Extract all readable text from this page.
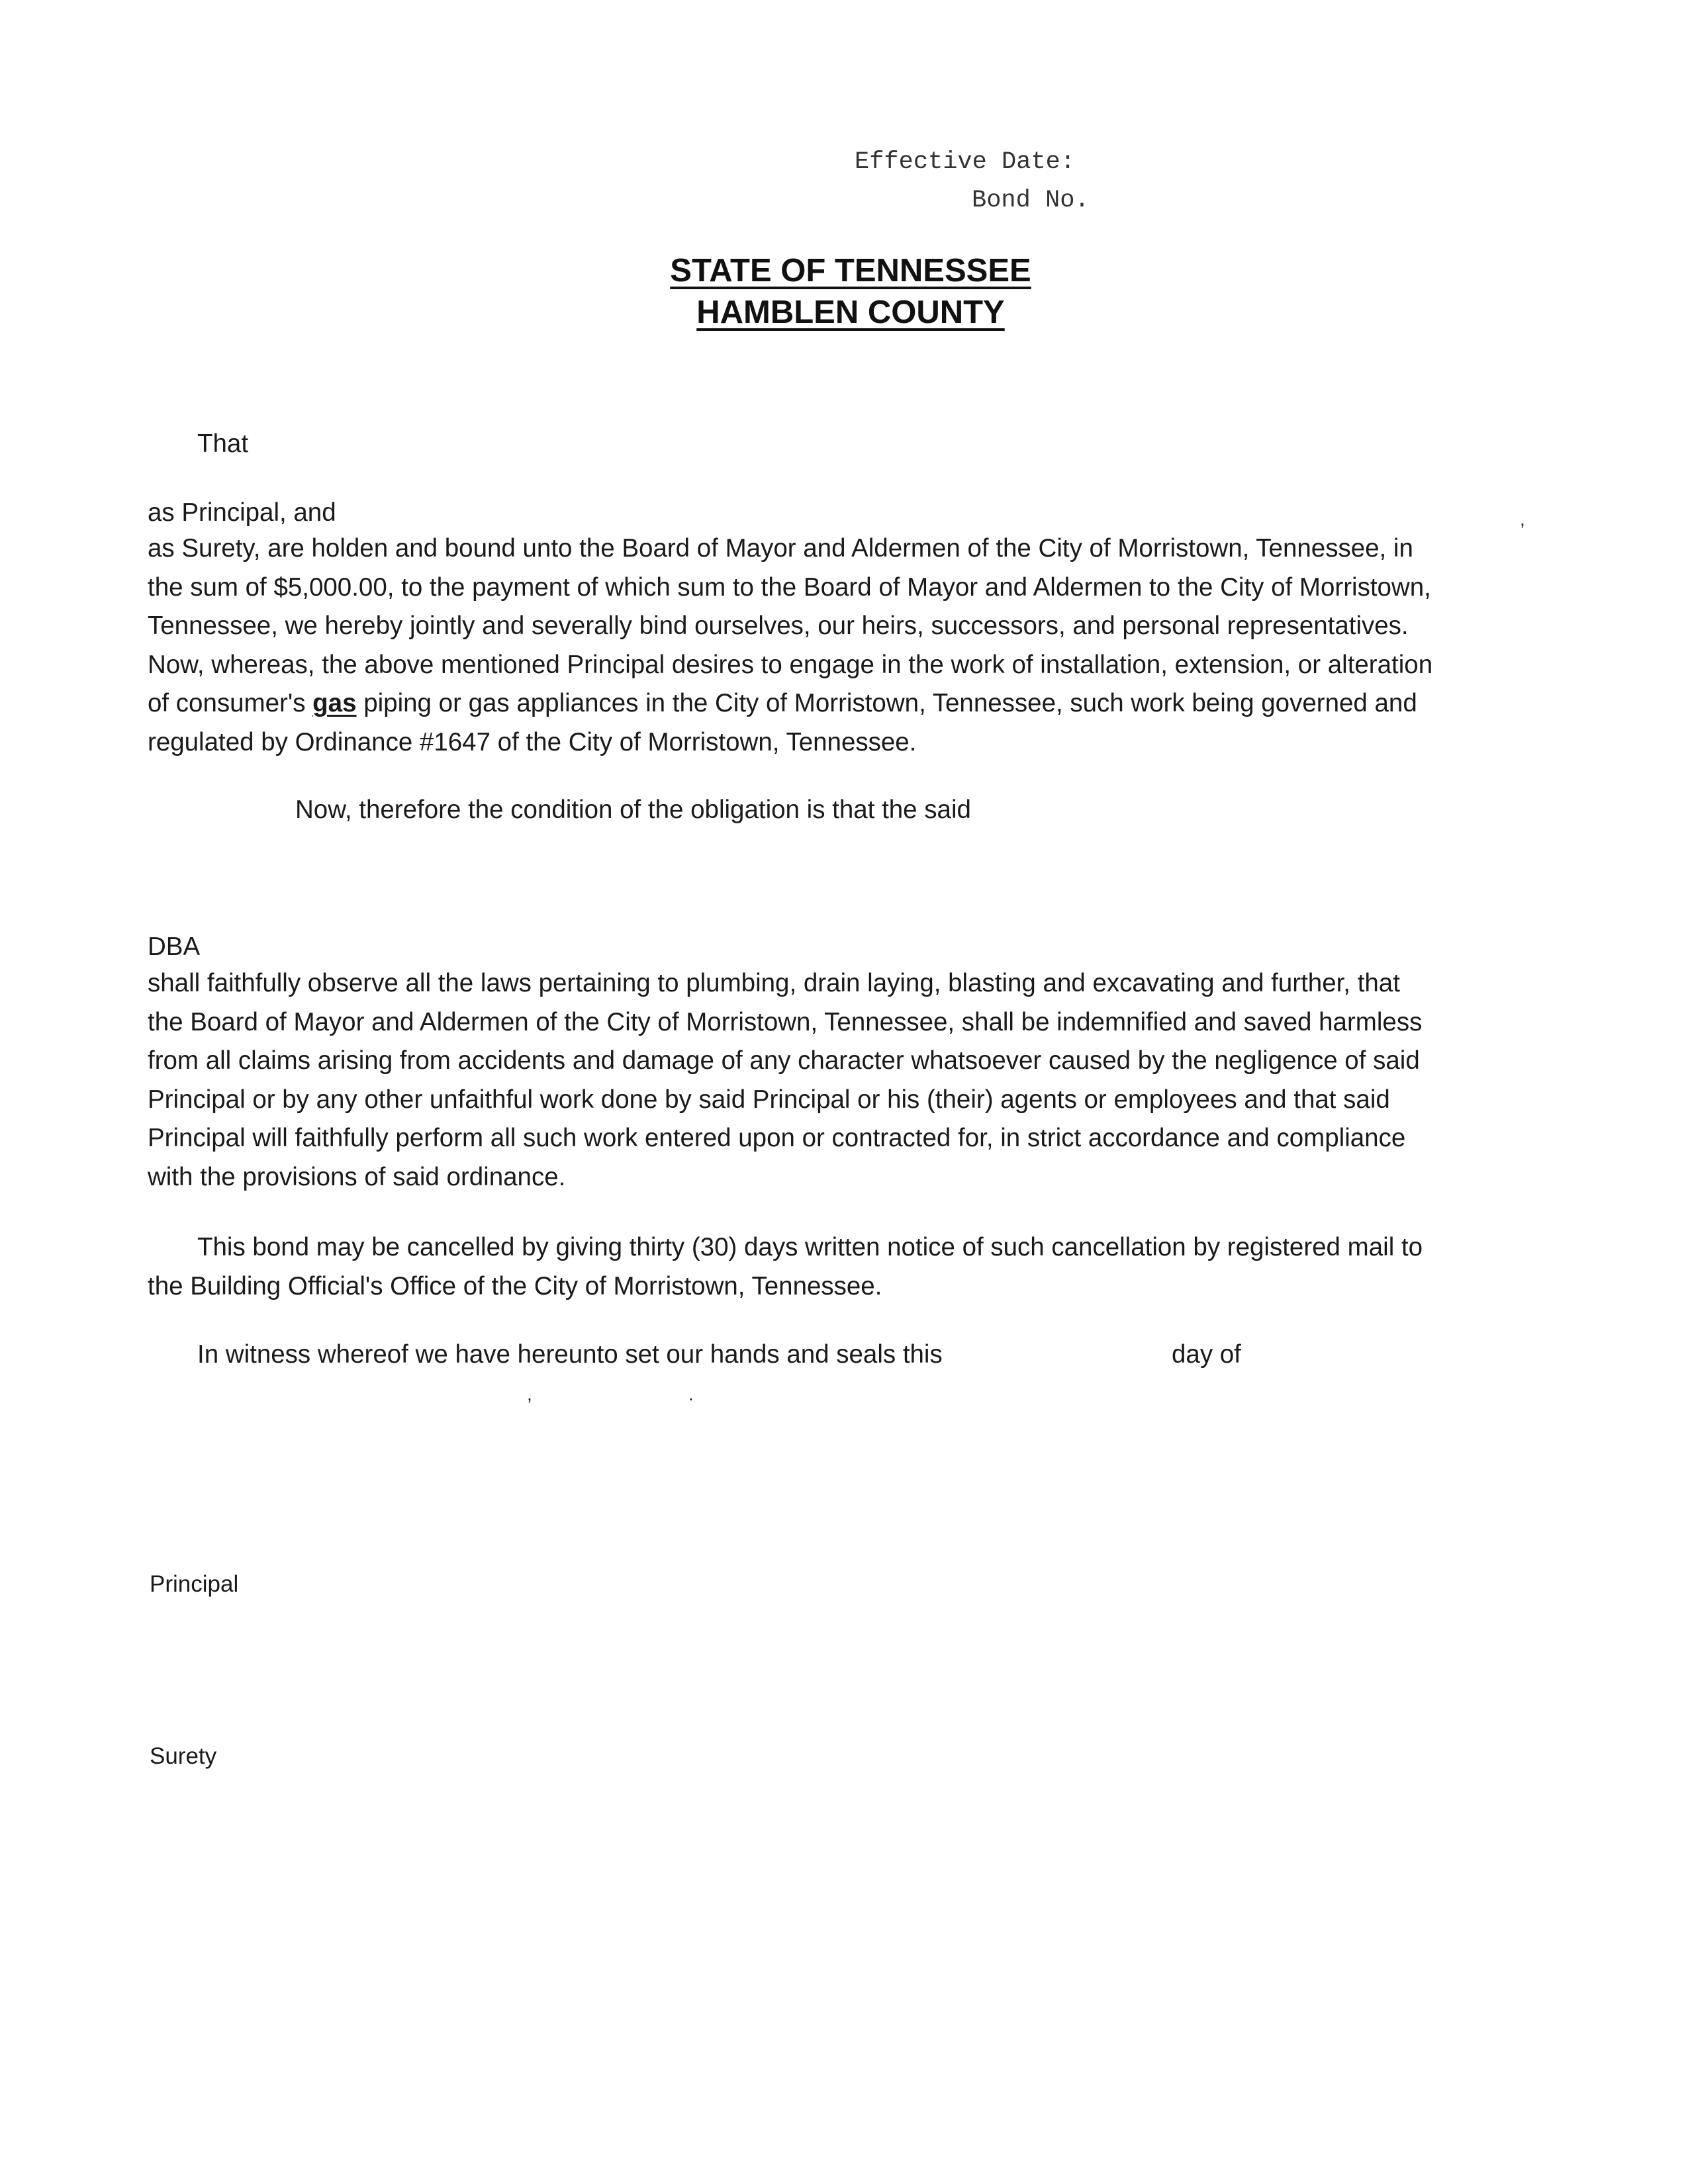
Effective Date:
Bond No.
STATE OF TENNESSEE
HAMBLEN COUNTY
That
as Principal, and	,
as Surety, are holden and bound unto the Board of Mayor and Aldermen of the City of Morristown, Tennessee, in
the sum of $5,000.00, to the payment of which sum to the Board of Mayor and Aldermen to the City of Morristown,
Tennessee, we hereby jointly and severally bind ourselves, our heirs, successors, and personal representatives.
Now, whereas, the above mentioned Principal desires to engage in the work of installation, extension, or alteration
of consumer's gas piping or gas appliances in the City of Morristown, Tennessee, such work being governed and
regulated by Ordinance #1647 of the City of Morristown, Tennessee.
Now, therefore the condition of the obligation is that the said
DBA
shall faithfully observe all the laws pertaining to plumbing, drain laying, blasting and excavating and further, that
the Board of Mayor and Aldermen of the City of Morristown, Tennessee, shall be indemnified and saved harmless
from all claims arising from accidents and damage of any character whatsoever caused by the negligence of said
Principal or by any other unfaithful work done by said Principal or his (their) agents or employees and that said
Principal will faithfully perform all such work entered upon or contracted for, in strict accordance and compliance
with the provisions of said ordinance.
This bond may be cancelled by giving thirty (30) days written notice of such cancellation by registered mail to
the Building Official's Office of the City of Morristown, Tennessee.
In witness whereof we have hereunto set our hands and seals this	day of
,	.
Principal
Surety
